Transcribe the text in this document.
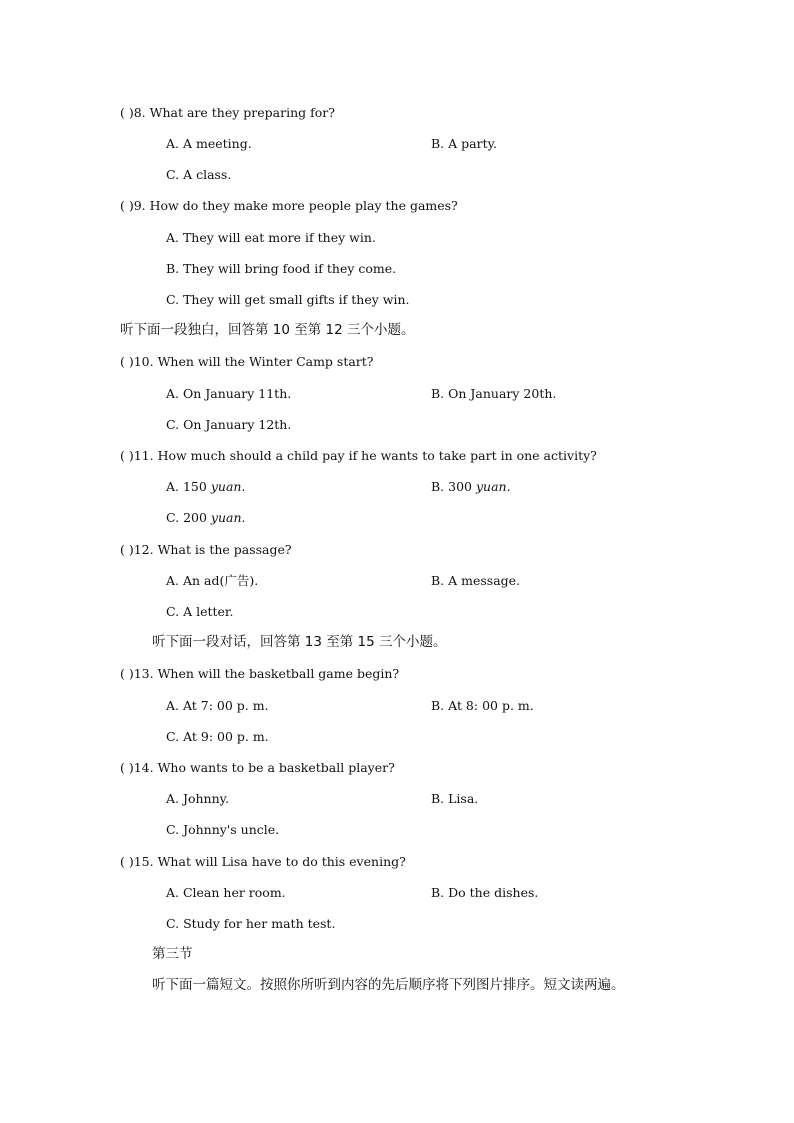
( )8. What are they preparing for?
A. A meeting.	B. A party.
C. A class.
( )9. How do they make more people play the games?
A. They will eat more if they win.
B. They will bring food if they come.
C. They will get small gifts if they win.
听下面一段独白，回答第 10 至第 12 三个小题。
( )10. When will the Winter Camp start?
A. On January 11th.	B. On January 20th.
C. On January 12th.
( )11. How much should a child pay if he wants to take part in one activity?
A. 150 yuan.	B. 300 yuan.
C. 200 yuan.
( )12. What is the passage?
A. An ad(广告).	B. A message.
C. A letter.
听下面一段对话，回答第 13 至第 15 三个小题。
( )13. When will the basketball game begin?
A. At 7: 00 p. m.	B. At 8: 00 p. m.
C. At 9: 00 p. m.
( )14. Who wants to be a basketball player?
A. Johnny.	B. Lisa.
C. Johnny's uncle.
( )15. What will Lisa have to do this evening?
A. Clean her room.	B. Do the dishes.
C. Study for her math test.
第三节
听下面一篇短文。按照你所听到内容的先后顺序将下列图片排序。短文读两遍。
